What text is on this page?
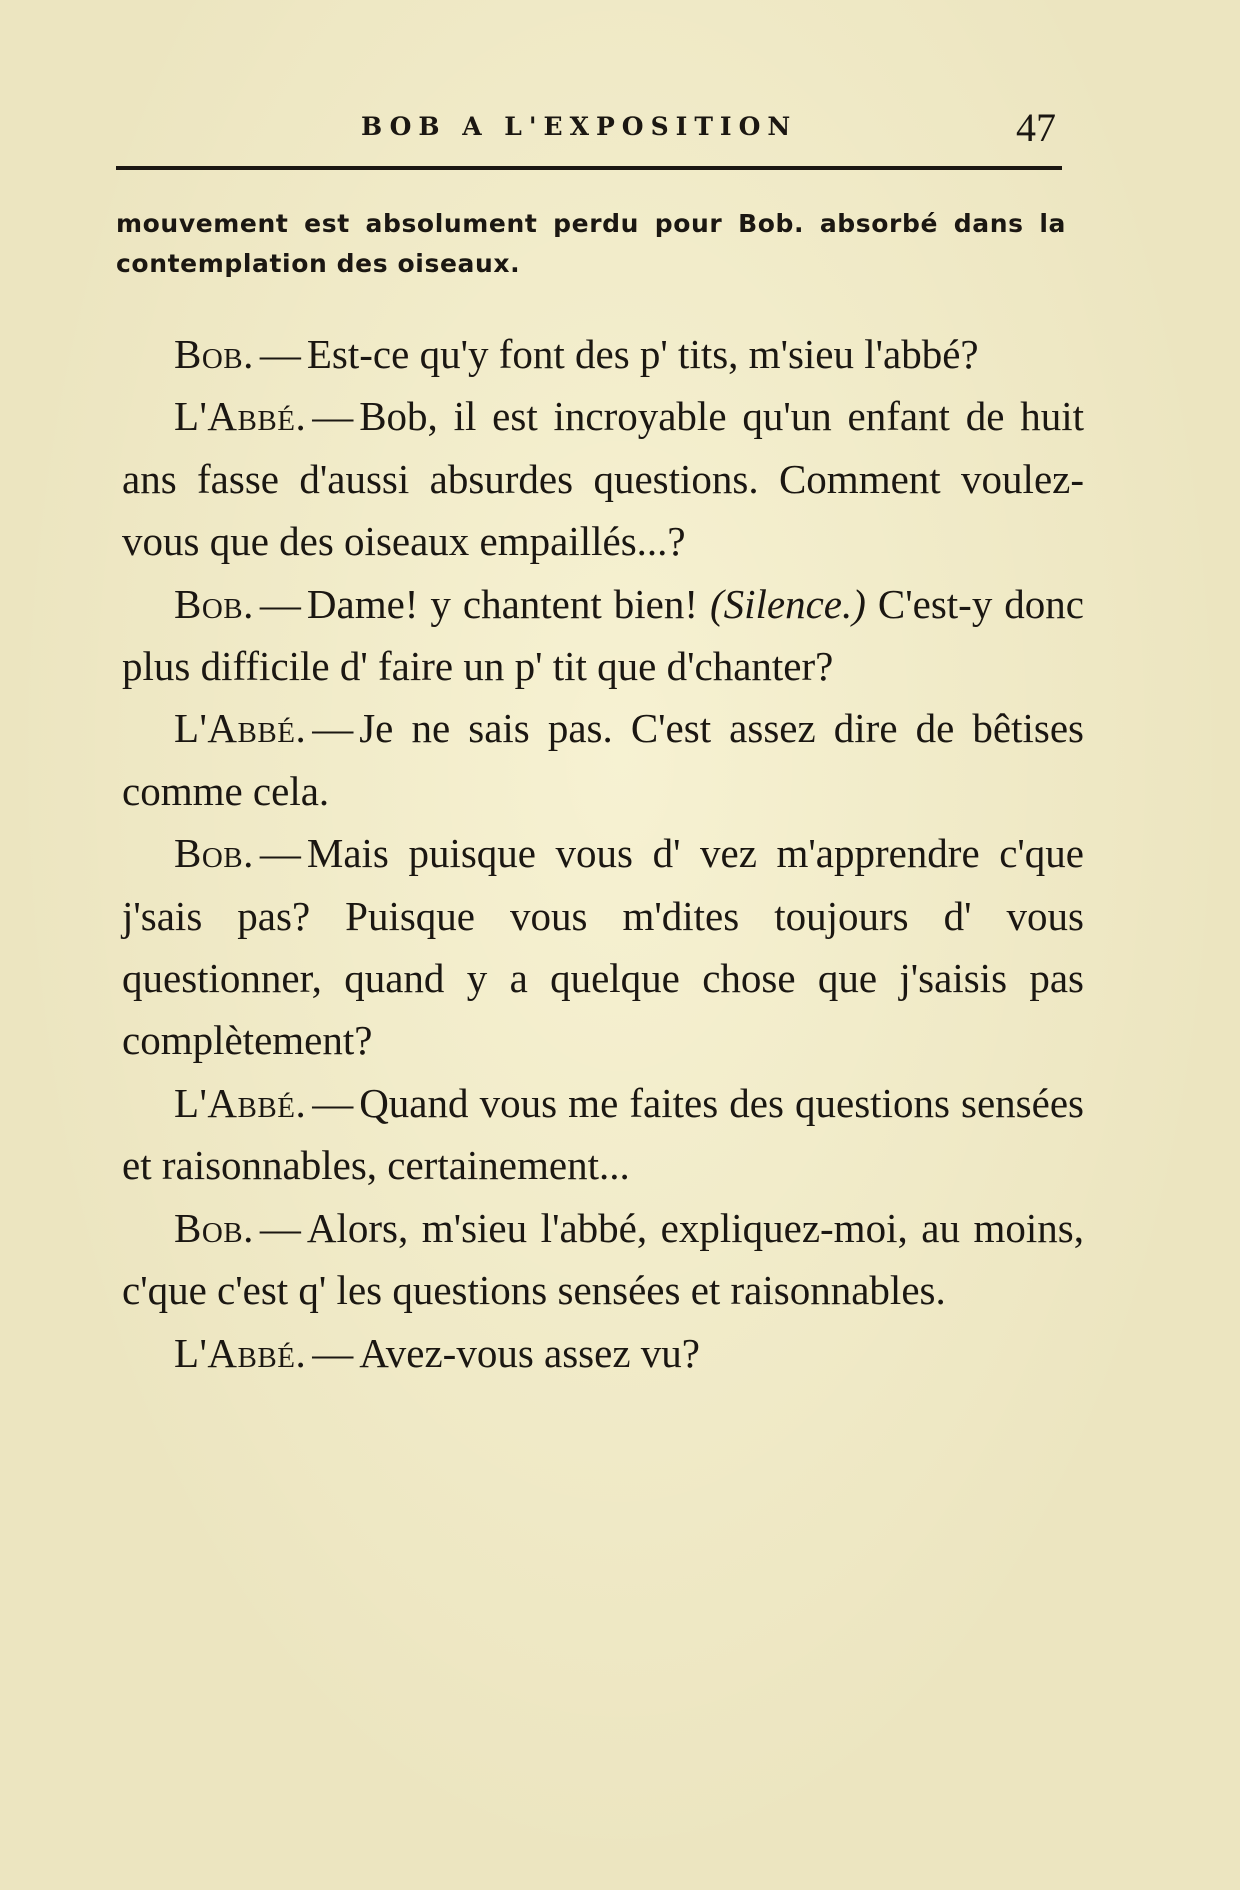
BOB A L'EXPOSITION	47
mouvement est absolument perdu pour Bob. absorbé dans la contemplation des oiseaux.

Bob. — Est-ce qu'y font des p' tits, m'sieu l'abbé?

L'Abbé. — Bob, il est incroyable qu'un enfant de huit ans fasse d'aussi absurdes questions. Comment voulez-vous que des oiseaux empaillés...?

Bob. — Dame! y chantent bien! (Silence.) C'est-y donc plus difficile d' faire un p' tit que d'chanter?

L'Abbé. — Je ne sais pas. C'est assez dire de bêtises comme cela.

Bob. — Mais puisque vous d' vez m'apprendre c'que j'sais pas? Puisque vous m'dites toujours d' vous questionner, quand y a quelque chose que j'saisis pas complètement?

L'Abbé. — Quand vous me faites des questions sensées et raisonnables, certainement...

Bob. — Alors, m'sieu l'abbé, expliquez-moi, au moins, c'que c'est q' les questions sensées et raisonnables.

L'Abbé. — Avez-vous assez vu?
